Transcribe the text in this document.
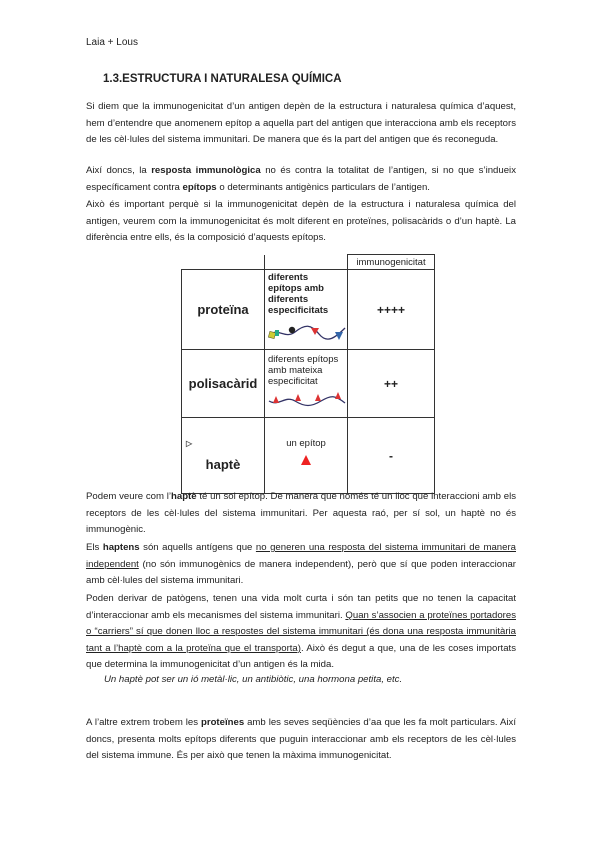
Laia + Lous
1.3.ESTRUCTURA I NATURALESA QUÍMICA

Si diem que la immunogenicitat d’un antigen depèn de la estructura i naturalesa química d’aquest, hem d’entendre que anomenem epítop a aquella part del antigen que interacciona amb els receptors de les cèl·lules del sistema immunitari. De manera que és la part del antigen que és reconeguda.

Així doncs, la resposta immunològica no és contra la totalitat de l’antigen, si no que s’indueix específicament contra epítops o determinants antigènics particulars de l’antigen.

Això és important perquè si la immunogenicitat depèn de la estructura i naturalesa química del antigen, veurem com la immunogenicitat és molt diferent en proteïnes, polisacàrids o d’un haptè. La diferència entre ells, és la composició d’aquests epítops.

		immunogenicitat
proteïna	diferents epítops amb diferents especificitats	++++
polisacàrid	diferents epítops amb mateixa especificitat	++

▷
haptè	un epítop	-

Podem veure com l’haptè té un sol epítop. De manera que només té un lloc que interaccioni amb els receptors de les cèl·lules del sistema immunitari. Per aquesta raó, per sí sol, un haptè no és immunogènic.

Els haptens són aquells antígens que no generen una resposta del sistema immunitari de manera independent (no són immunogènics de manera independent), però que sí que poden interaccionar amb cèl·lules del sistema immunitari.

Poden derivar de patògens, tenen una vida molt curta i són tan petits que no tenen la capacitat d’interaccionar amb els mecanismes del sistema immunitari. Quan s’associen a proteïnes portadores o “carriers” sí que donen lloc a respostes del sistema immunitari (és dona una resposta immunitària tant a l’haptè com a la proteïna que el transporta). Això és degut a que, una de les coses importats que determina la immunogenicitat d’un antigen és la mida.

Un haptè pot ser un ió metàl·lic, un antibiòtic, una hormona petita, etc.

A l’altre extrem trobem les proteïnes amb les seves seqüències d’aa que les fa molt particulars. Així doncs, presenta molts epítops diferents que puguin interaccionar amb els receptors de les cèl·lules del sistema immune. És per això que tenen la màxima immunogenicitat.
